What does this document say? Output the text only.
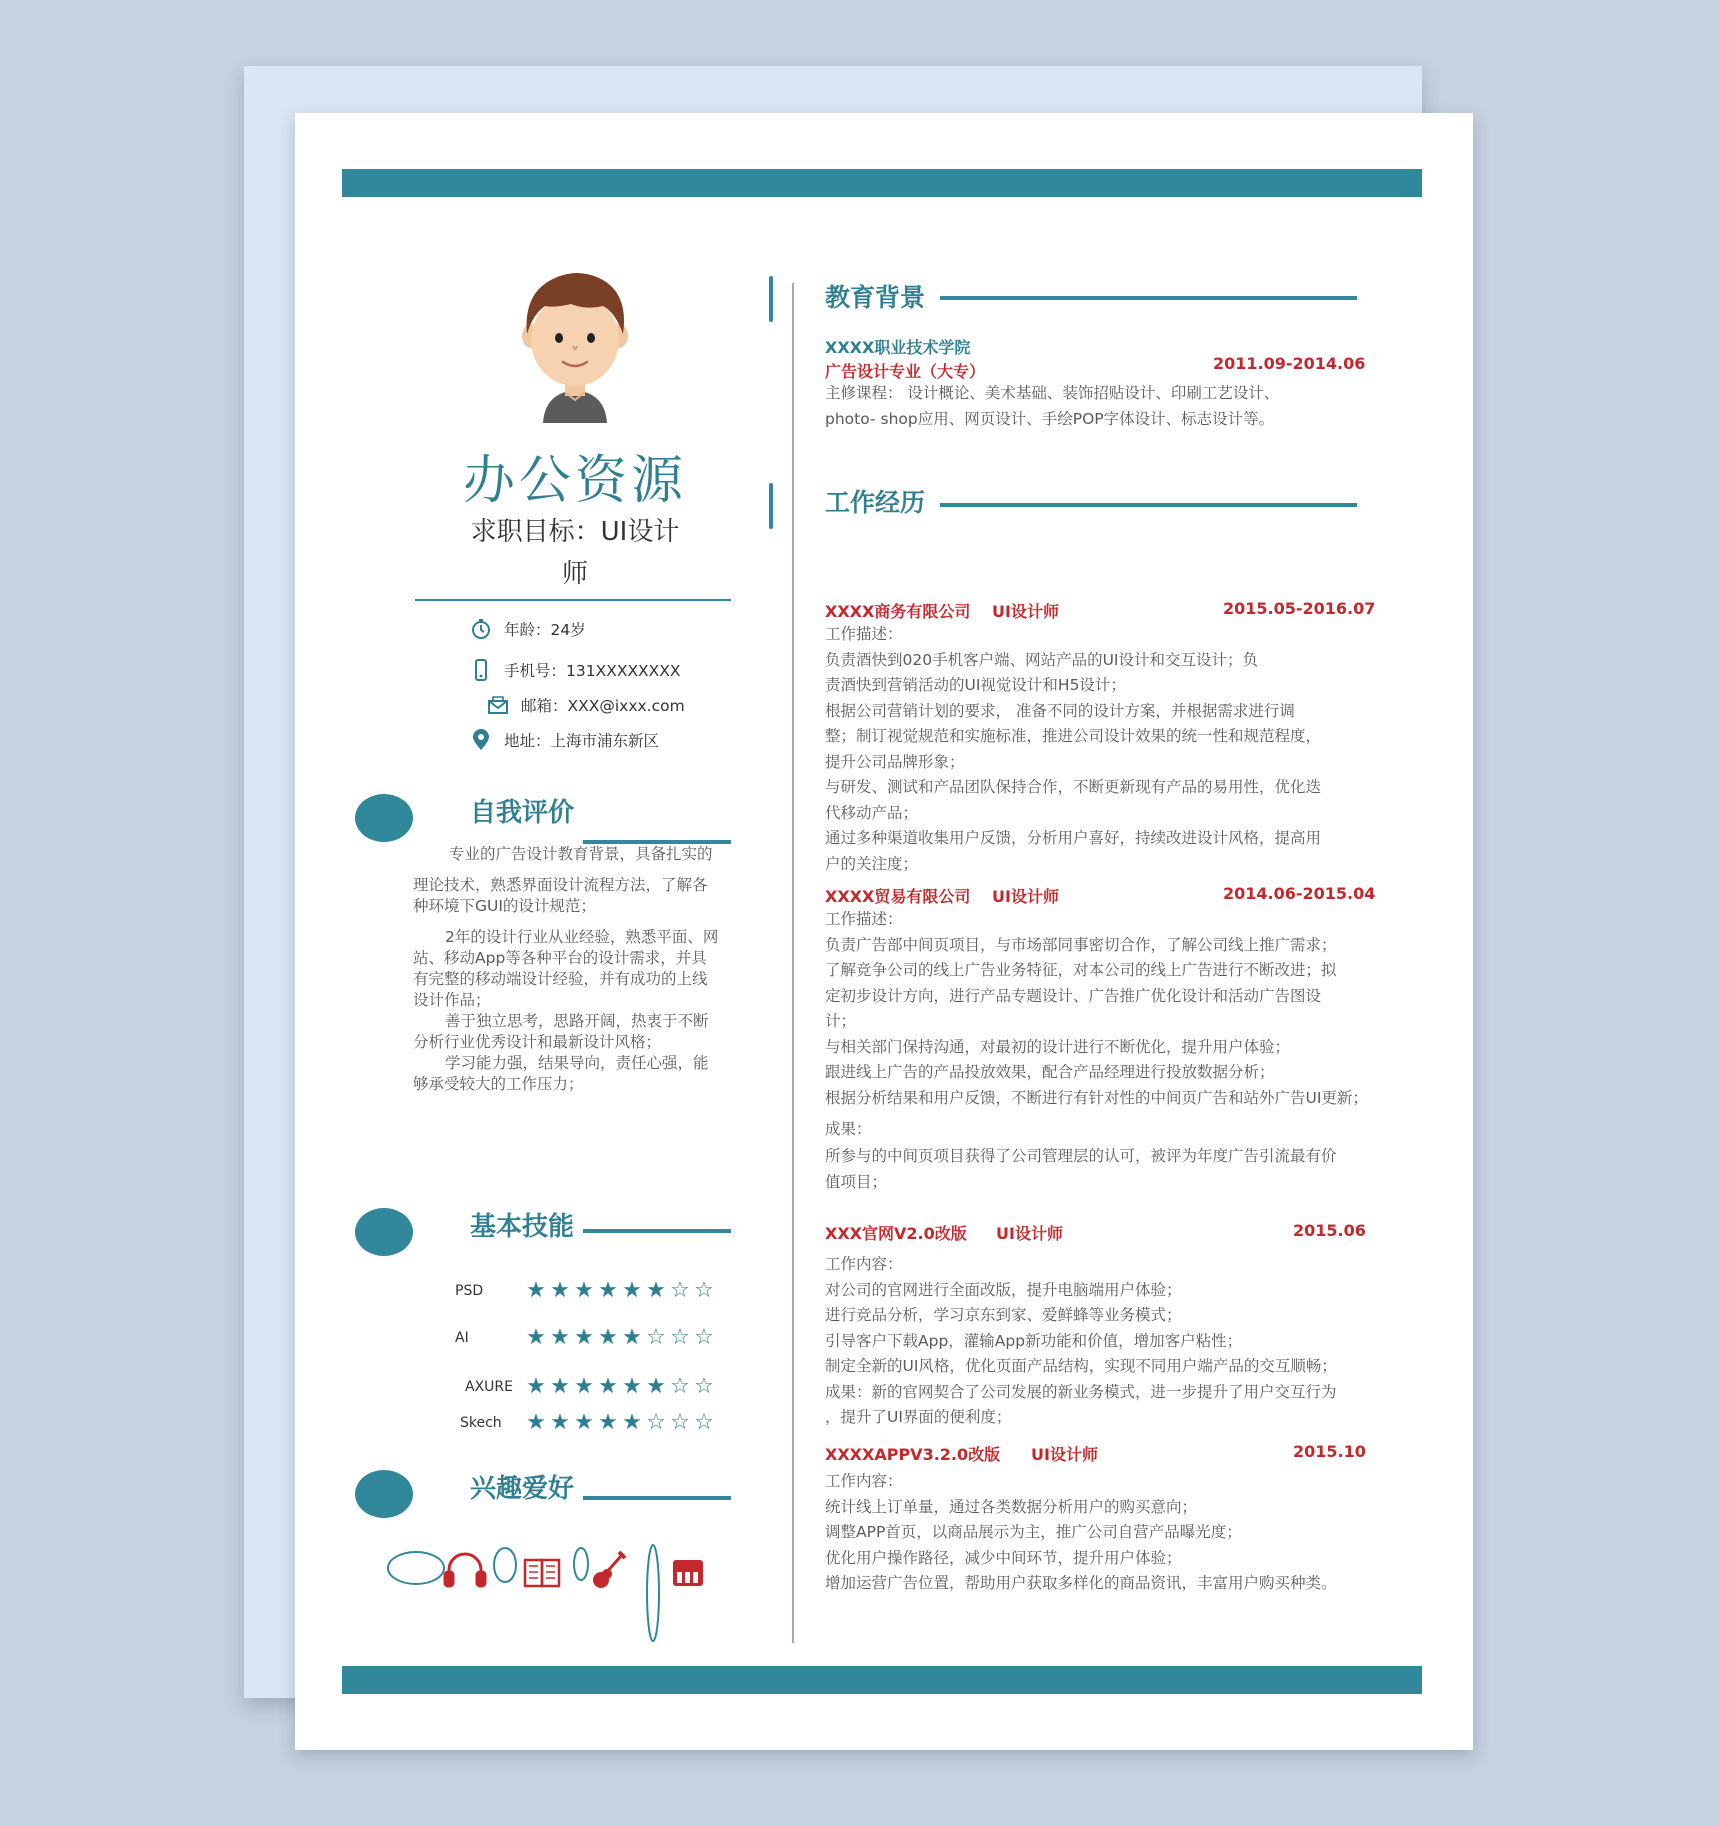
办公资源
求职目标：UI设计
师
年龄：24岁
手机号：131XXXXXXXX
邮箱：XXX@ixxx.com
地址：上海市浦东新区
自我评价
专业的广告设计教育背景，具备扎实的
理论技术，熟悉界面设计流程方法，了解各
种环境下GUI的设计规范；
2年的设计行业从业经验，熟悉平面、网
站、移动App等各种平台的设计需求，并具
有完整的移动端设计经验，并有成功的上线
设计作品；
善于独立思考，思路开阔，热衷于不断
分析行业优秀设计和最新设计风格；
学习能力强，结果导向，责任心强，能
够承受较大的工作压力；
基本技能
PSD	★ ★ ★ ★ ★ ★ ☆ ☆
AI	★ ★ ★ ★ ★ ☆ ☆ ☆
AXURE ★ ★ ★ ★ ★ ★ ☆ ☆
Skech	★ ★ ★ ★ ★ ☆ ☆ ☆
兴趣爱好
教育背景
XXXX职业技术学院
广告设计专业（大专）	2011.09-2014.06
主修课程： 设计概论、美术基础、装饰招贴设计、印刷工艺设计、
photo- shop应用、网页设计、手绘POP字体设计、标志设计等。
工作经历
XXXX商务有限公司 UI设计师	2015.05-2016.07
工作描述：
负责酒快到020手机客户端、网站产品的UI设计和交互设计；负
责酒快到营销活动的UI视觉设计和H5设计；
根据公司营销计划的要求， 准备不同的设计方案，并根据需求进行调
整；制订视觉规范和实施标准，推进公司设计效果的统一性和规范程度，
提升公司品牌形象；
与研发、测试和产品团队保持合作，不断更新现有产品的易用性，优化迭
代移动产品；
通过多种渠道收集用户反馈，分析用户喜好，持续改进设计风格，提高用
户的关注度；
XXXX贸易有限公司 UI设计师	2014.06-2015.04
工作描述：
负责广告部中间页项目，与市场部同事密切合作，了解公司线上推广需求；
了解竞争公司的线上广告业务特征，对本公司的线上广告进行不断改进；拟
定初步设计方向，进行产品专题设计、广告推广优化设计和活动广告图设
计；
与相关部门保持沟通，对最初的设计进行不断优化，提升用户体验；
跟进线上广告的产品投放效果，配合产品经理进行投放数据分析；
根据分析结果和用户反馈，不断进行有针对性的中间页广告和站外广告UI更新；
成果：
所参与的中间页项目获得了公司管理层的认可，被评为年度广告引流最有价
值项目；
XXX官网V2.0改版 UI设计师	2015.06
工作内容：
对公司的官网进行全面改版，提升电脑端用户体验；
进行竞品分析，学习京东到家、爱鲜蜂等业务模式；
引导客户下载App，灌输App新功能和价值，增加客户粘性；
制定全新的UI风格，优化页面产品结构，实现不同用户端产品的交互顺畅；
成果：新的官网契合了公司发展的新业务模式，进一步提升了用户交互行为
，提升了UI界面的便利度；
XXXXAPPV3.2.0改版 UI设计师	2015.10
工作内容：
统计线上订单量，通过各类数据分析用户的购买意向；
调整APP首页，以商品展示为主，推广公司自营产品曝光度；
优化用户操作路径，减少中间环节，提升用户体验；
增加运营广告位置，帮助用户获取多样化的商品资讯，丰富用户购买种类。
